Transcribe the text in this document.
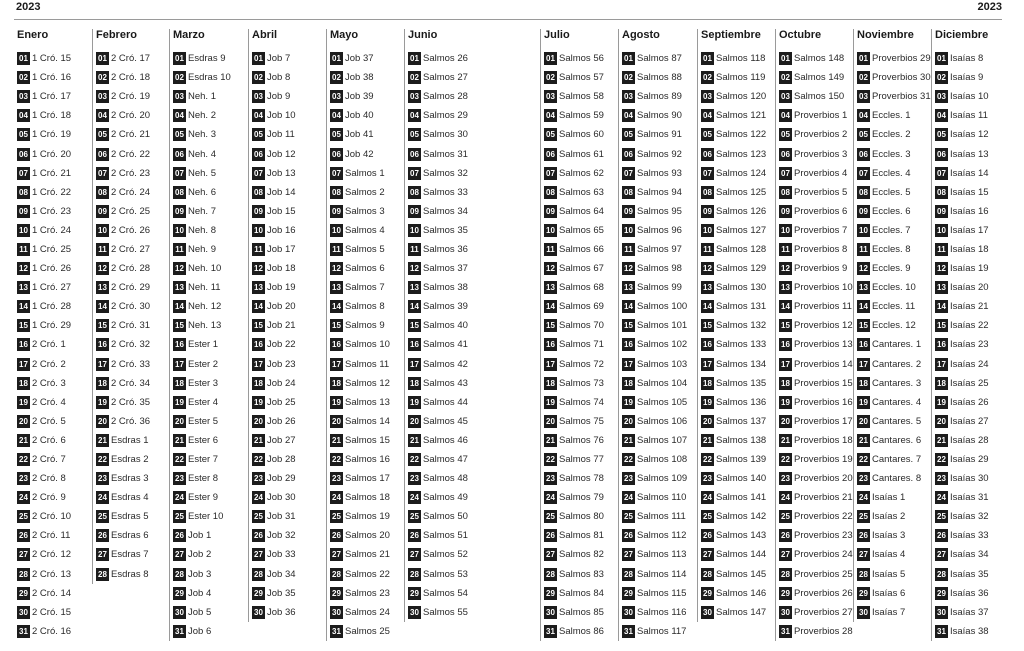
2023	2023
Enero
01 1 Cró. 15
02 1 Cró. 16
03 1 Cró. 17
04 1 Cró. 18
05 1 Cró. 19
06 1 Cró. 20
07 1 Cró. 21
08 1 Cró. 22
09 1 Cró. 23
10 1 Cró. 24
11 1 Cró. 25
12 1 Cró. 26
13 1 Cró. 27
14 1 Cró. 28
15 1 Cró. 29
16 2 Cró. 1
17 2 Cró. 2
18 2 Cró. 3
19 2 Cró. 4
20 2 Cró. 5
21 2 Cró. 6
22 2 Cró. 7
23 2 Cró. 8
24 2 Cró. 9
25 2 Cró. 10
26 2 Cró. 11
27 2 Cró. 12
28 2 Cró. 13
29 2 Cró. 14
30 2 Cró. 15
31 2 Cró. 16
Febrero
01 2 Cró. 17
02 2 Cró. 18
03 2 Cró. 19
04 2 Cró. 20
05 2 Cró. 21
06 2 Cró. 22
07 2 Cró. 23
08 2 Cró. 24
09 2 Cró. 25
10 2 Cró. 26
11 2 Cró. 27
12 2 Cró. 28
13 2 Cró. 29
14 2 Cró. 30
15 2 Cró. 31
16 2 Cró. 32
17 2 Cró. 33
18 2 Cró. 34
19 2 Cró. 35
20 2 Cró. 36
21 Esdras 1
22 Esdras 2
23 Esdras 3
24 Esdras 4
25 Esdras 5
26 Esdras 6
27 Esdras 7
28 Esdras 8
Marzo
01 Esdras 9
02 Esdras 10
03 Neh. 1
04 Neh. 2
05 Neh. 3
06 Neh. 4
07 Neh. 5
08 Neh. 6
09 Neh. 7
10 Neh. 8
11 Neh. 9
12 Neh. 10
13 Neh. 11
14 Neh. 12
15 Neh. 13
16 Ester 1
17 Ester 2
18 Ester 3
19 Ester 4
20 Ester 5
21 Ester 6
22 Ester 7
23 Ester 8
24 Ester 9
25 Ester 10
26 Job 1
27 Job 2
28 Job 3
29 Job 4
30 Job 5
31 Job 6
Abril
01 Job 7
02 Job 8
03 Job 9
04 Job 10
05 Job 11
06 Job 12
07 Job 13
08 Job 14
09 Job 15
10 Job 16
11 Job 17
12 Job 18
13 Job 19
14 Job 20
15 Job 21
16 Job 22
17 Job 23
18 Job 24
19 Job 25
20 Job 26
21 Job 27
22 Job 28
23 Job 29
24 Job 30
25 Job 31
26 Job 32
27 Job 33
28 Job 34
29 Job 35
30 Job 36
Mayo
01 Job 37
02 Job 38
03 Job 39
04 Job 40
05 Job 41
06 Job 42
07 Salmos 1
08 Salmos 2
09 Salmos 3
10 Salmos 4
11 Salmos 5
12 Salmos 6
13 Salmos 7
14 Salmos 8
15 Salmos 9
16 Salmos 10
17 Salmos 11
18 Salmos 12
19 Salmos 13
20 Salmos 14
21 Salmos 15
22 Salmos 16
23 Salmos 17
24 Salmos 18
25 Salmos 19
26 Salmos 20
27 Salmos 21
28 Salmos 22
29 Salmos 23
30 Salmos 24
31 Salmos 25
Junio
01 Salmos 26
02 Salmos 27
03 Salmos 28
04 Salmos 29
05 Salmos 30
06 Salmos 31
07 Salmos 32
08 Salmos 33
09 Salmos 34
10 Salmos 35
11 Salmos 36
12 Salmos 37
13 Salmos 38
14 Salmos 39
15 Salmos 40
16 Salmos 41
17 Salmos 42
18 Salmos 43
19 Salmos 44
20 Salmos 45
21 Salmos 46
22 Salmos 47
23 Salmos 48
24 Salmos 49
25 Salmos 50
26 Salmos 51
27 Salmos 52
28 Salmos 53
29 Salmos 54
30 Salmos 55
Julio
01 Salmos 56
02 Salmos 57
03 Salmos 58
04 Salmos 59
05 Salmos 60
06 Salmos 61
07 Salmos 62
08 Salmos 63
09 Salmos 64
10 Salmos 65
11 Salmos 66
12 Salmos 67
13 Salmos 68
14 Salmos 69
15 Salmos 70
16 Salmos 71
17 Salmos 72
18 Salmos 73
19 Salmos 74
20 Salmos 75
21 Salmos 76
22 Salmos 77
23 Salmos 78
24 Salmos 79
25 Salmos 80
26 Salmos 81
27 Salmos 82
28 Salmos 83
29 Salmos 84
30 Salmos 85
31 Salmos 86
Agosto
01 Salmos 87
02 Salmos 88
03 Salmos 89
04 Salmos 90
05 Salmos 91
06 Salmos 92
07 Salmos 93
08 Salmos 94
09 Salmos 95
10 Salmos 96
11 Salmos 97
12 Salmos 98
13 Salmos 99
14 Salmos 100
15 Salmos 101
16 Salmos 102
17 Salmos 103
18 Salmos 104
19 Salmos 105
20 Salmos 106
21 Salmos 107
22 Salmos 108
23 Salmos 109
24 Salmos 110
25 Salmos 111
26 Salmos 112
27 Salmos 113
28 Salmos 114
29 Salmos 115
30 Salmos 116
31 Salmos 117
Septiembre
01 Salmos 118
02 Salmos 119
03 Salmos 120
04 Salmos 121
05 Salmos 122
06 Salmos 123
07 Salmos 124
08 Salmos 125
09 Salmos 126
10 Salmos 127
11 Salmos 128
12 Salmos 129
13 Salmos 130
14 Salmos 131
15 Salmos 132
16 Salmos 133
17 Salmos 134
18 Salmos 135
19 Salmos 136
20 Salmos 137
21 Salmos 138
22 Salmos 139
23 Salmos 140
24 Salmos 141
25 Salmos 142
26 Salmos 143
27 Salmos 144
28 Salmos 145
29 Salmos 146
30 Salmos 147
Octubre
01 Salmos 148
02 Salmos 149
03 Salmos 150
04 Proverbios 1
05 Proverbios 2
06 Proverbios 3
07 Proverbios 4
08 Proverbios 5
09 Proverbios 6
10 Proverbios 7
11 Proverbios 8
12 Proverbios 9
13 Proverbios 10
14 Proverbios 11
15 Proverbios 12
16 Proverbios 13
17 Proverbios 14
18 Proverbios 15
19 Proverbios 16
20 Proverbios 17
21 Proverbios 18
22 Proverbios 19
23 Proverbios 20
24 Proverbios 21
25 Proverbios 22
26 Proverbios 23
27 Proverbios 24
28 Proverbios 25
29 Proverbios 26
30 Proverbios 27
31 Proverbios 28
Noviembre
01 Proverbios 29
02 Proverbios 30
03 Proverbios 31
04 Eccles. 1
05 Eccles. 2
06 Eccles. 3
07 Eccles. 4
08 Eccles. 5
09 Eccles. 6
10 Eccles. 7
11 Eccles. 8
12 Eccles. 9
13 Eccles. 10
14 Eccles. 11
15 Eccles. 12
16 Cantares. 1
17 Cantares. 2
18 Cantares. 3
19 Cantares. 4
20 Cantares. 5
21 Cantares. 6
22 Cantares. 7
23 Cantares. 8
24 Isaías 1
25 Isaías 2
26 Isaías 3
27 Isaías 4
28 Isaías 5
29 Isaías 6
30 Isaías 7
Diciembre
01 Isaías 8
02 Isaías 9
03 Isaías 10
04 Isaías 11
05 Isaías 12
06 Isaías 13
07 Isaías 14
08 Isaías 15
09 Isaías 16
10 Isaías 17
11 Isaías 18
12 Isaías 19
13 Isaías 20
14 Isaías 21
15 Isaías 22
16 Isaías 23
17 Isaías 24
18 Isaías 25
19 Isaías 26
20 Isaías 27
21 Isaías 28
22 Isaías 29
23 Isaías 30
24 Isaías 31
25 Isaías 32
26 Isaías 33
27 Isaías 34
28 Isaías 35
29 Isaías 36
30 Isaías 37
31 Isaías 38
